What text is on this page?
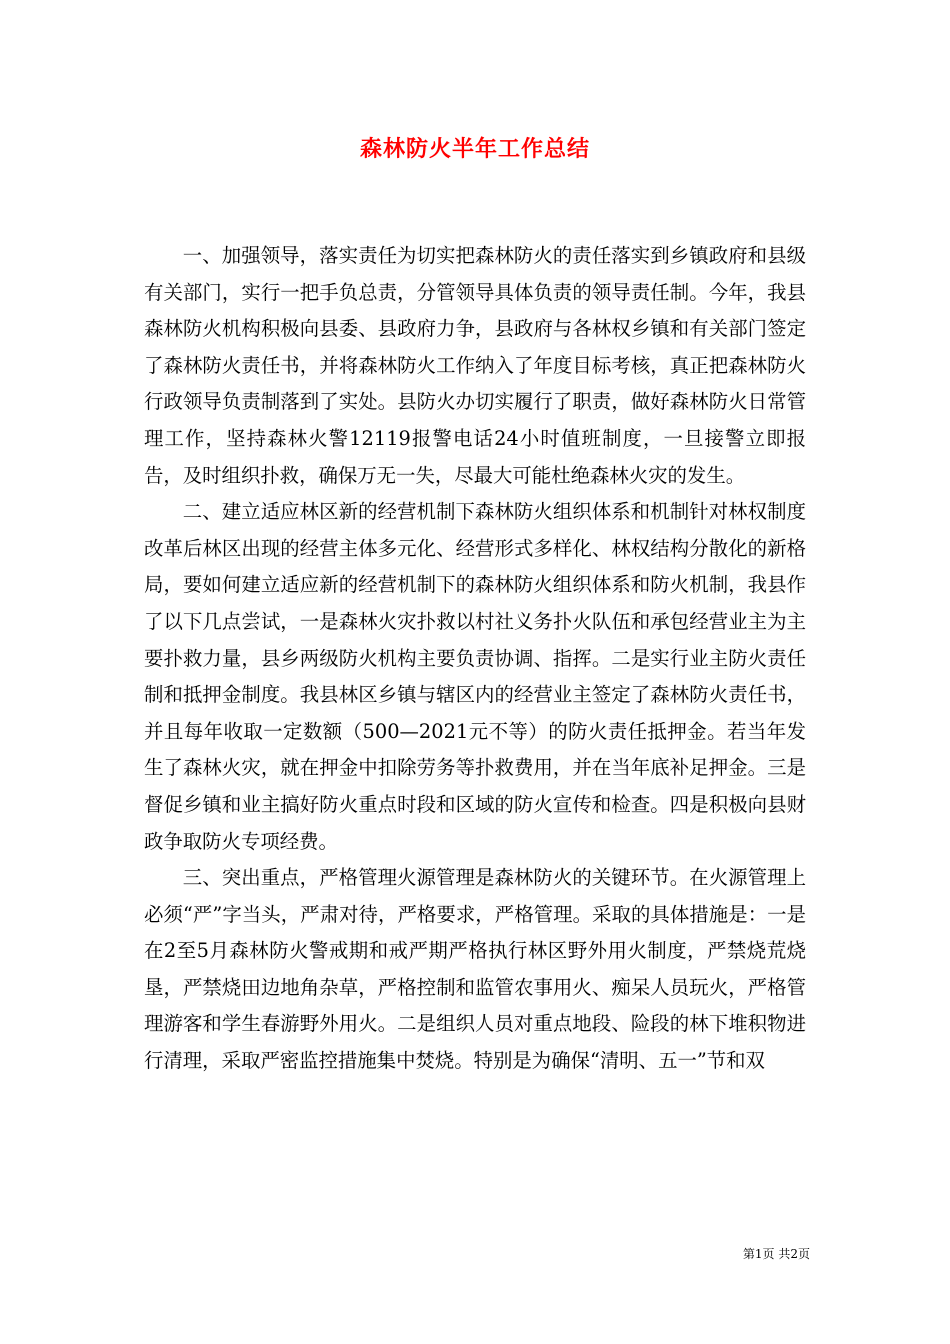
森林防火半年工作总结

一、加强领导，落实责任为切实把森林防火的责任落实到乡镇政府和县级有关部门，实行一把手负总责，分管领导具体负责的领导责任制。今年，我县森林防火机构积极向县委、县政府力争，县政府与各林权乡镇和有关部门签定了森林防火责任书，并将森林防火工作纳入了年度目标考核，真正把森林防火行政领导负责制落到了实处。县防火办切实履行了职责，做好森林防火日常管理工作，坚持森林火警12119报警电话24小时值班制度，一旦接警立即报告，及时组织扑救，确保万无一失，尽最大可能杜绝森林火灾的发生。

二、建立适应林区新的经营机制下森林防火组织体系和机制针对林权制度改革后林区出现的经营主体多元化、经营形式多样化、林权结构分散化的新格局，要如何建立适应新的经营机制下的森林防火组织体系和防火机制，我县作了以下几点尝试，一是森林火灾扑救以村社义务扑火队伍和承包经营业主为主要扑救力量，县乡两级防火机构主要负责协调、指挥。二是实行业主防火责任制和抵押金制度。我县林区乡镇与辖区内的经营业主签定了森林防火责任书，并且每年收取一定数额（500—2021元不等）的防火责任抵押金。若当年发生了森林火灾，就在押金中扣除劳务等扑救费用，并在当年底补足押金。三是督促乡镇和业主搞好防火重点时段和区域的防火宣传和检查。四是积极向县财政争取防火专项经费。

三、突出重点，严格管理火源管理是森林防火的关键环节。在火源管理上必须“严”字当头，严肃对待，严格要求，严格管理。采取的具体措施是：一是在2至5月森林防火警戒期和戒严期严格执行林区野外用火制度，严禁烧荒烧垦，严禁烧田边地角杂草，严格控制和监管农事用火、痴呆人员玩火，严格管理游客和学生春游野外用火。二是组织人员对重点地段、险段的林下堆积物进行清理，采取严密监控措施集中焚烧。特别是为确保“清明、五一”节和双

第1页 共2页
